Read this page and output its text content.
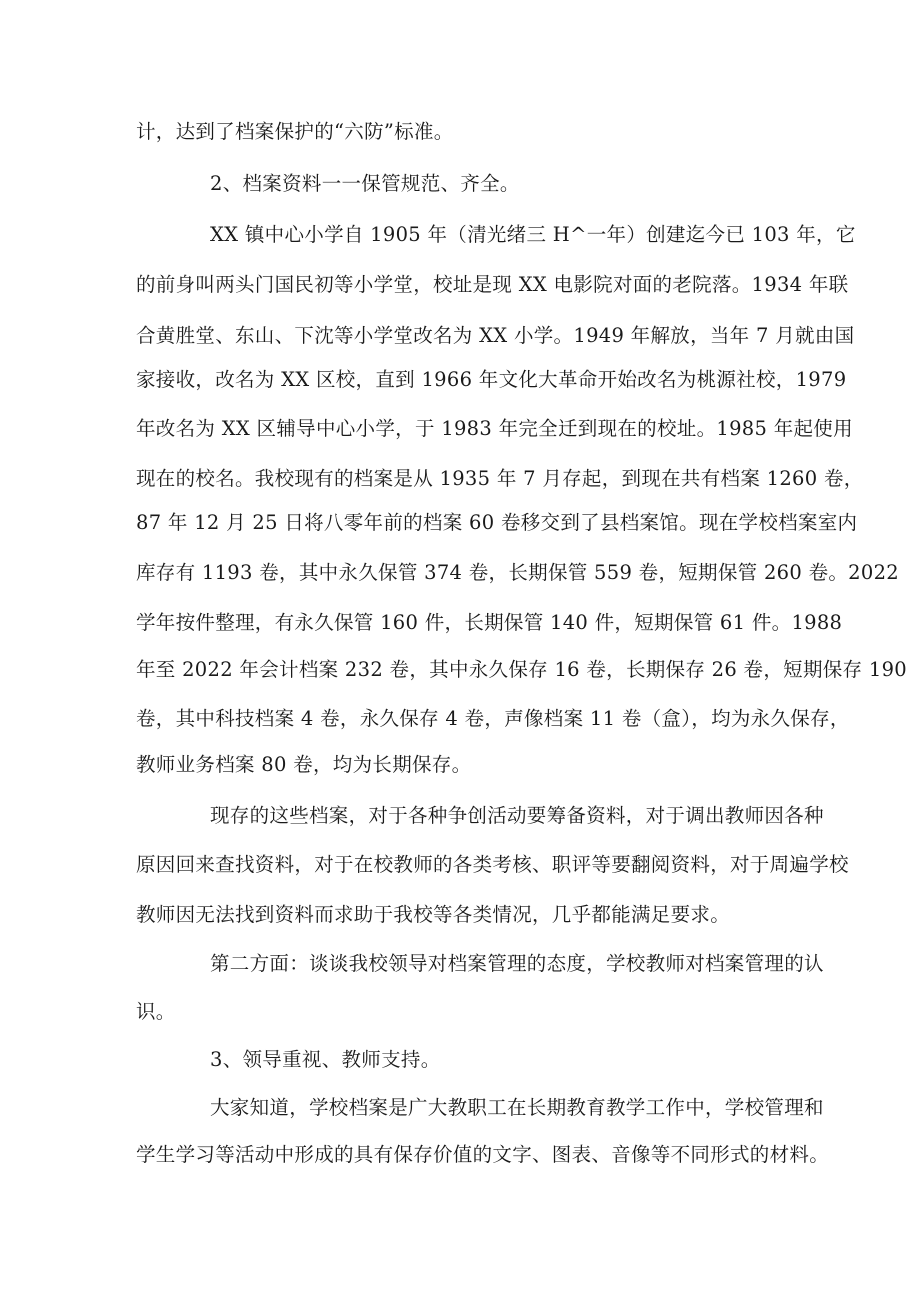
计，达到了档案保护的“六防”标准。
2、档案资料一一保管规范、齐全。
XX 镇中心小学自 1905 年（清光绪三 H^一年）创建迄今已 103 年，它
的前身叫两头门国民初等小学堂，校址是现 XX 电影院对面的老院落。1934 年联
合黄胜堂、东山、下沈等小学堂改名为 XX 小学。1949 年解放，当年 7 月就由国
家接收，改名为 XX 区校，直到 1966 年文化大革命开始改名为桃源社校，1979
年改名为 XX 区辅导中心小学，于 1983 年完全迁到现在的校址。1985 年起使用
现在的校名。我校现有的档案是从 1935 年 7 月存起，到现在共有档案 1260 卷，
87 年 12 月 25 日将八零年前的档案 60 卷移交到了县档案馆。现在学校档案室内
库存有 1193 卷，其中永久保管 374 卷，长期保管 559 卷，短期保管 260 卷。2022
学年按件整理，有永久保管 160 件，长期保管 140 件，短期保管 61 件。1988
年至 2022 年会计档案 232 卷，其中永久保存 16 卷，长期保存 26 卷，短期保存 190
卷，其中科技档案 4 卷，永久保存 4 卷，声像档案 11 卷（盒），均为永久保存，
教师业务档案 80 卷，均为长期保存。
现存的这些档案，对于各种争创活动要筹备资料，对于调出教师因各种
原因回来查找资料，对于在校教师的各类考核、职评等要翻阅资料，对于周遍学校
教师因无法找到资料而求助于我校等各类情况，几乎都能满足要求。
第二方面：谈谈我校领导对档案管理的态度，学校教师对档案管理的认
识。
3、领导重视、教师支持。
大家知道，学校档案是广大教职工在长期教育教学工作中，学校管理和
学生学习等活动中形成的具有保存价值的文字、图表、音像等不同形式的材料。
